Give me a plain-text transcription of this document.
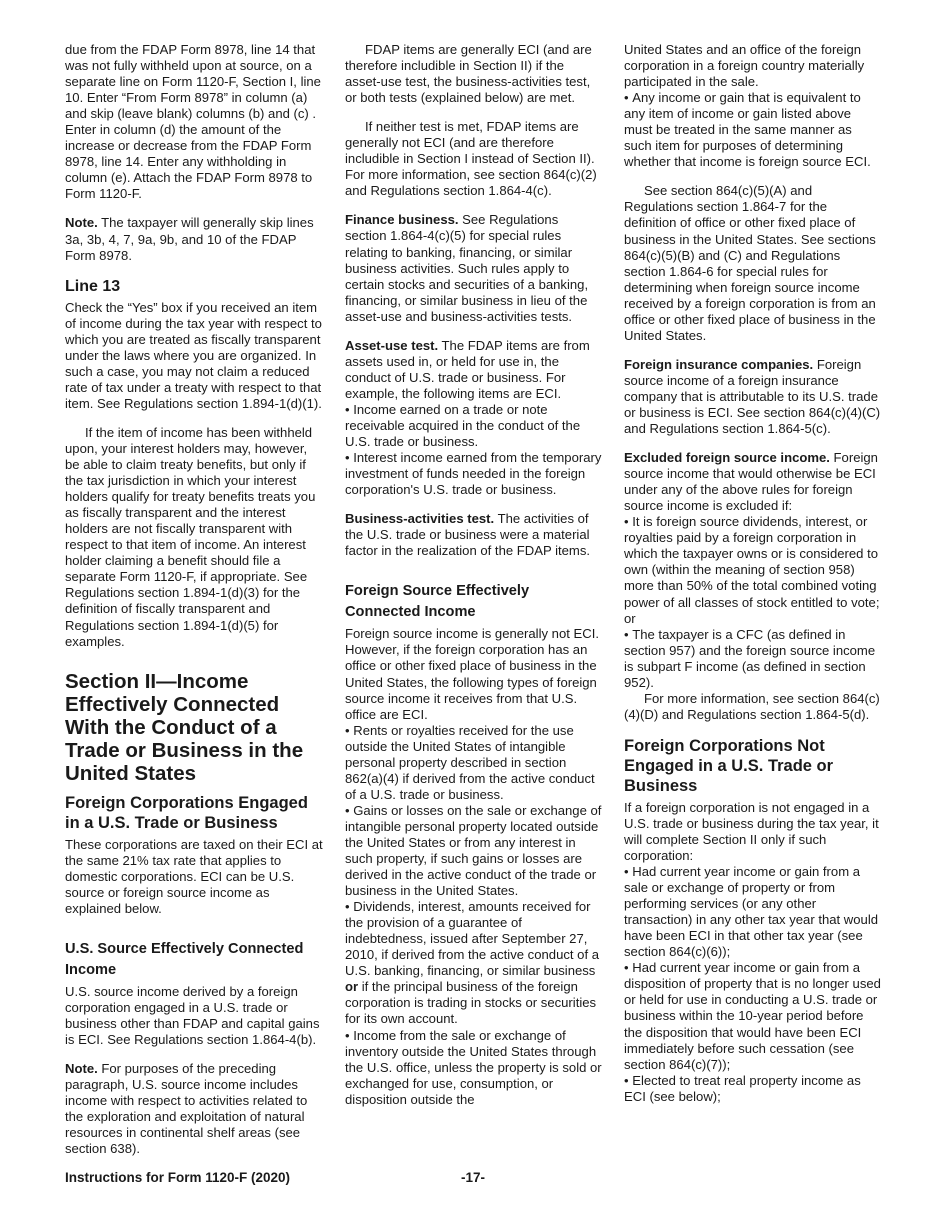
due from the FDAP Form 8978, line 14 that was not fully withheld upon at source, on a separate line on Form 1120-F, Section I, line 10. Enter “From Form 8978” in column (a) and skip (leave blank) columns (b) and (c) . Enter in column (d) the amount of the increase or decrease from the FDAP Form 8978, line 14. Enter any withholding in column (e). Attach the FDAP Form 8978 to Form 1120-F.

Note. The taxpayer will generally skip lines 3a, 3b, 4, 7, 9a, 9b, and 10 of the FDAP Form 8978.

Line 13

Check the “Yes” box if you received an item of income during the tax year with respect to which you are treated as fiscally transparent under the laws where you are organized. In such a case, you may not claim a reduced rate of tax under a treaty with respect to that item. See Regulations section 1.894-1(d)(1).

If the item of income has been withheld upon, your interest holders may, however, be able to claim treaty benefits, but only if the tax jurisdiction in which your interest holders qualify for treaty benefits treats you as fiscally transparent and the interest holders are not fiscally transparent with respect to that item of income. An interest holder claiming a benefit should file a separate Form 1120-F, if appropriate. See Regulations section 1.894-1(d)(3) for the definition of fiscally transparent and Regulations section 1.894-1(d)(5) for examples.

Section II—Income Effectively Connected With the Conduct of a Trade or Business in the United States
Foreign Corporations Engaged in a U.S. Trade or Business

These corporations are taxed on their ECI at the same 21% tax rate that applies to domestic corporations. ECI can be U.S. source or foreign source income as explained below.

U.S. Source Effectively Connected Income

U.S. source income derived by a foreign corporation engaged in a U.S. trade or business other than FDAP and capital gains is ECI. See Regulations section 1.864-4(b).

Note. For purposes of the preceding paragraph, U.S. source income includes income with respect to activities related to the exploration and exploitation of natural resources in continental shelf areas (see section 638).

FDAP items are generally ECI (and are therefore includible in Section II) if the asset-use test, the business-activities test, or both tests (explained below) are met.

If neither test is met, FDAP items are generally not ECI (and are therefore includible in Section I instead of Section II). For more information, see section 864(c)(2) and Regulations section 1.864-4(c).

Finance business. See Regulations section 1.864-4(c)(5) for special rules relating to banking, financing, or similar business activities. Such rules apply to certain stocks and securities of a banking, financing, or similar business in lieu of the asset-use and business-activities tests.

Asset-use test. The FDAP items are from assets used in, or held for use in, the conduct of U.S. trade or business. For example, the following items are ECI.

• Income earned on a trade or note receivable acquired in the conduct of the U.S. trade or business.

• Interest income earned from the temporary investment of funds needed in the foreign corporation's U.S. trade or business.

Business-activities test. The activities of the U.S. trade or business were a material factor in the realization of the FDAP items.

Foreign Source Effectively Connected Income

Foreign source income is generally not ECI. However, if the foreign corporation has an office or other fixed place of business in the United States, the following types of foreign source income it receives from that U.S. office are ECI.

• Rents or royalties received for the use outside the United States of intangible personal property described in section 862(a)(4) if derived from the active conduct of a U.S. trade or business.

• Gains or losses on the sale or exchange of intangible personal property located outside the United States or from any interest in such property, if such gains or losses are derived in the active conduct of the trade or business in the United States.

• Dividends, interest, amounts received for the provision of a guarantee of indebtedness, issued after September 27, 2010, if derived from the active conduct of a U.S. banking, financing, or similar business or if the principal business of the foreign corporation is trading in stocks or securities for its own account.

• Income from the sale or exchange of inventory outside the United States through the U.S. office, unless the property is sold or exchanged for use, consumption, or disposition outside the

United States and an office of the foreign corporation in a foreign country materially participated in the sale.

• Any income or gain that is equivalent to any item of income or gain listed above must be treated in the same manner as such item for purposes of determining whether that income is foreign source ECI.

See section 864(c)(5)(A) and Regulations section 1.864-7 for the definition of office or other fixed place of business in the United States. See sections 864(c)(5)(B) and (C) and Regulations section 1.864-6 for special rules for determining when foreign source income received by a foreign corporation is from an office or other fixed place of business in the United States.

Foreign insurance companies. Foreign source income of a foreign insurance company that is attributable to its U.S. trade or business is ECI. See section 864(c)(4)(C) and Regulations section 1.864-5(c).

Excluded foreign source income. Foreign source income that would otherwise be ECI under any of the above rules for foreign source income is excluded if:

• It is foreign source dividends, interest, or royalties paid by a foreign corporation in which the taxpayer owns or is considered to own (within the meaning of section 958) more than 50% of the total combined voting power of all classes of stock entitled to vote; or

• The taxpayer is a CFC (as defined in section 957) and the foreign source income is subpart F income (as defined in section 952).

For more information, see section 864(c)(4)(D) and Regulations section 1.864-5(d).

Foreign Corporations Not Engaged in a U.S. Trade or Business

If a foreign corporation is not engaged in a U.S. trade or business during the tax year, it will complete Section II only if such corporation:

• Had current year income or gain from a sale or exchange of property or from performing services (or any other transaction) in any other tax year that would have been ECI in that other tax year (see section 864(c)(6));

• Had current year income or gain from a disposition of property that is no longer used or held for use in conducting a U.S. trade or business within the 10-year period before the disposition that would have been ECI immediately before such cessation (see section 864(c)(7));

• Elected to treat real property income as ECI (see below);

Instructions for Form 1120-F (2020)	-17-
